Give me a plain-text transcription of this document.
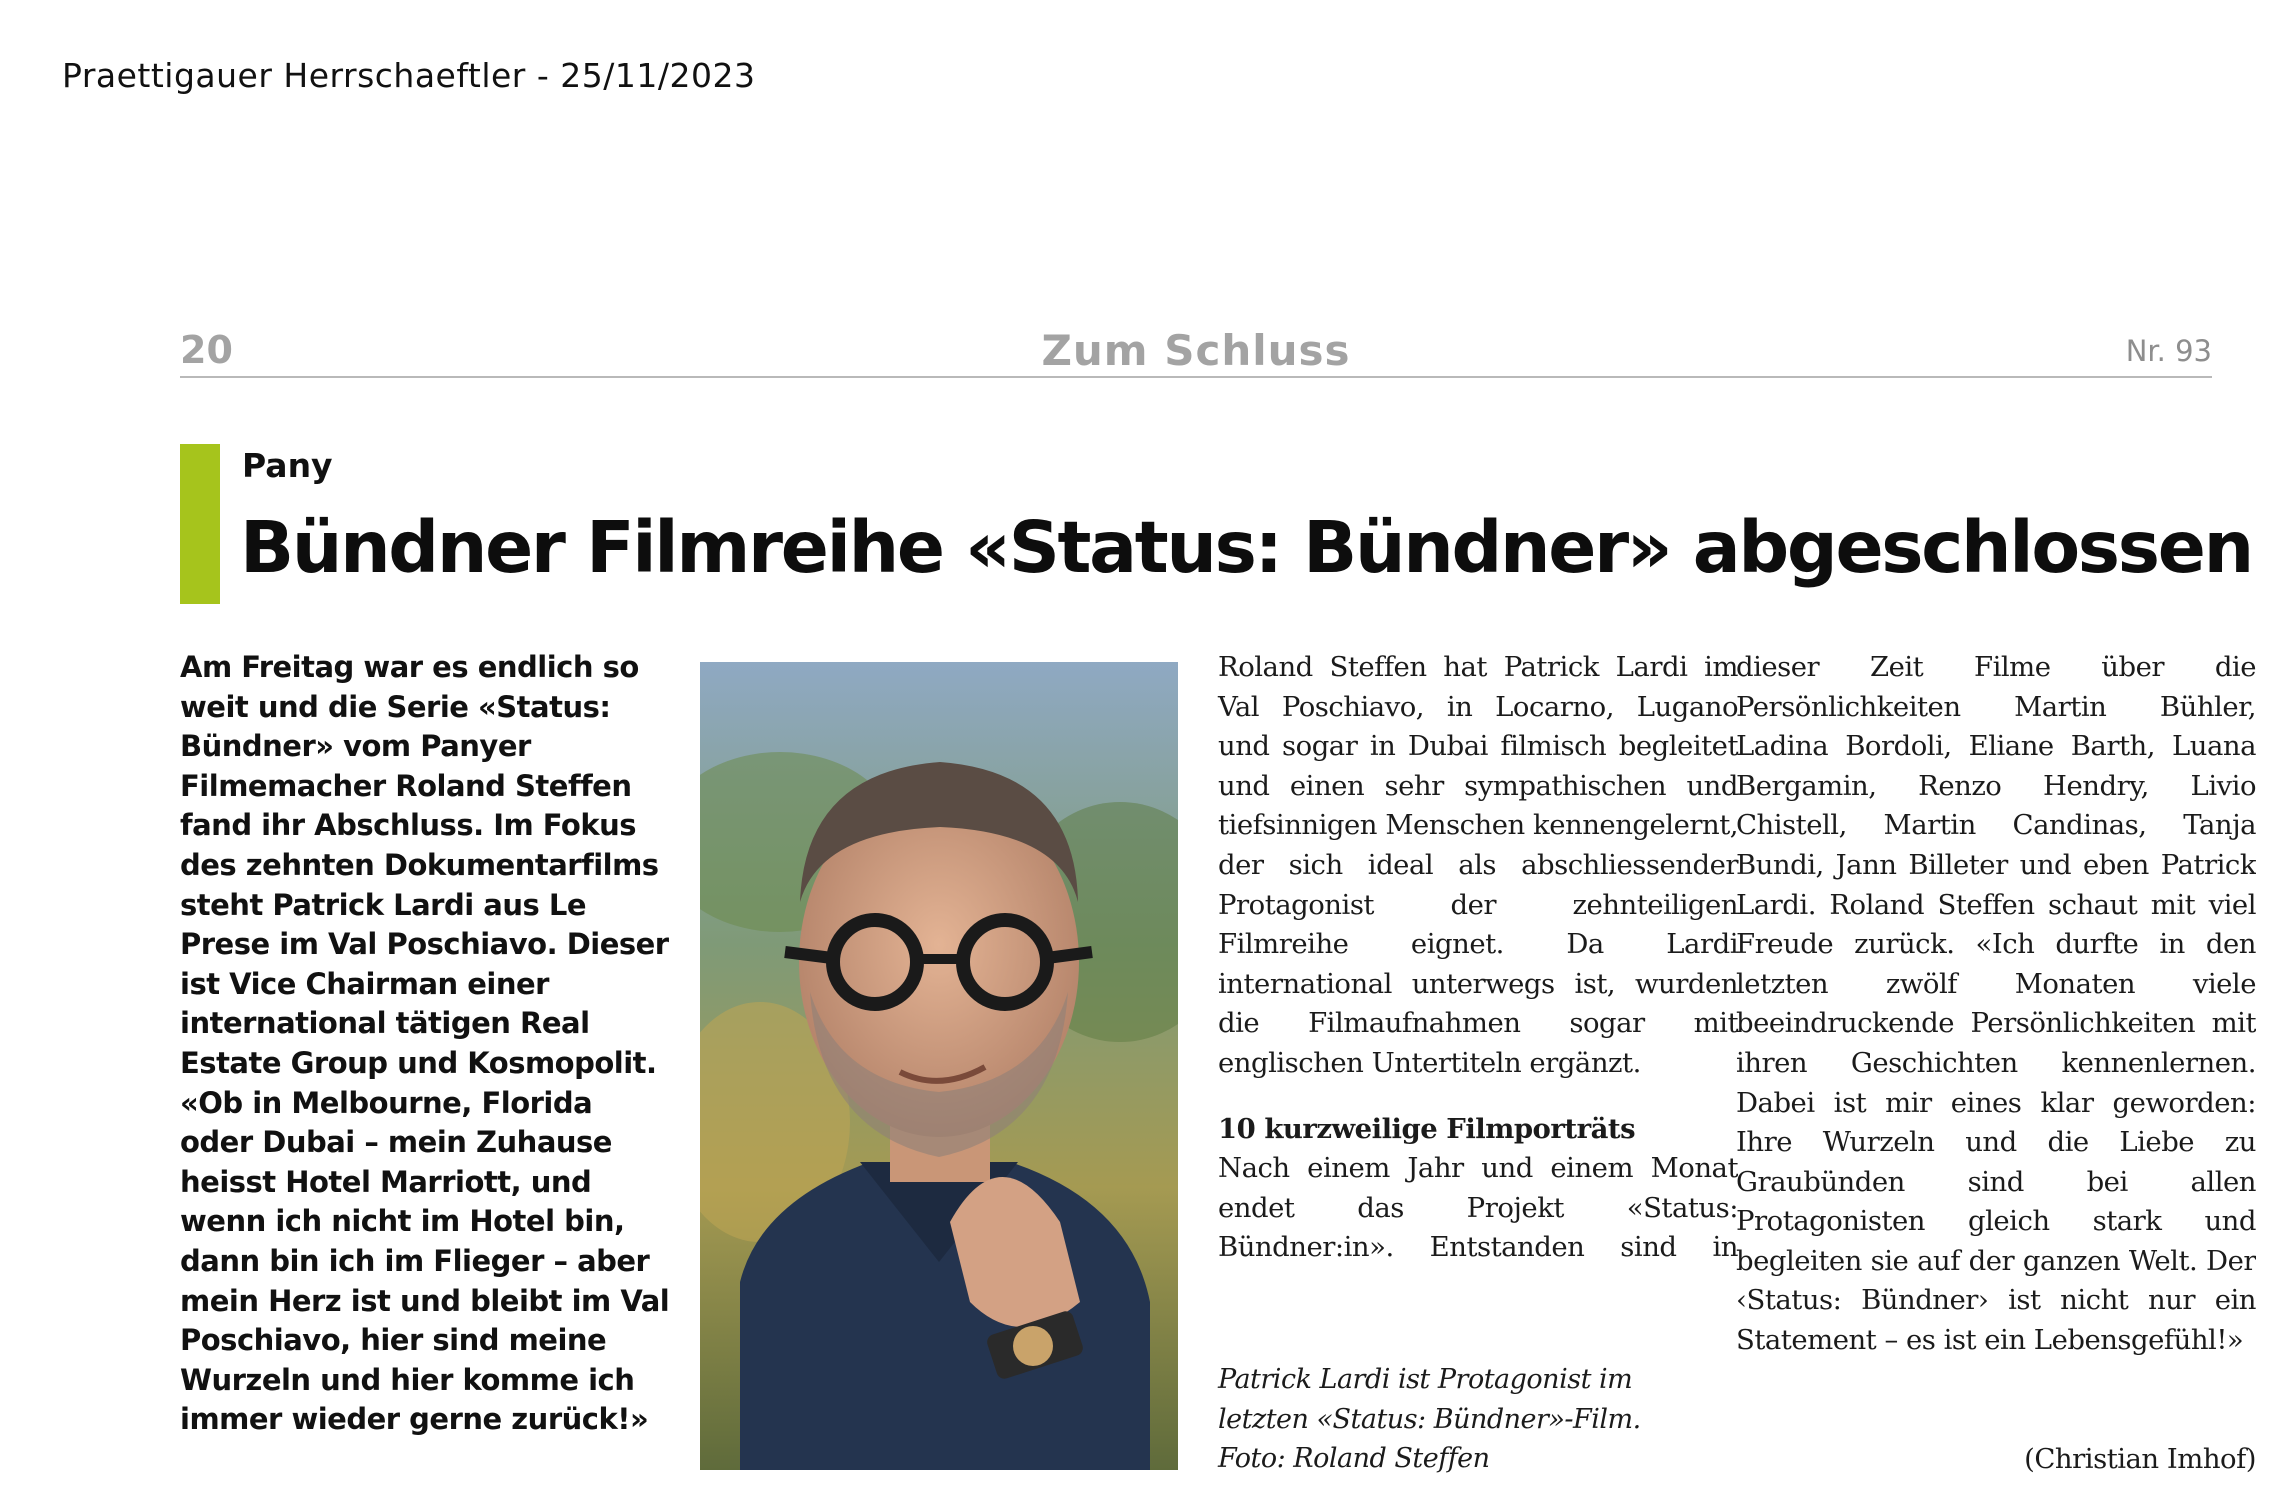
Praettigauer Herrschaeftler - 25/11/2023
20	Zum Schluss	Nr. 93
Pany
Bündner Filmreihe «Status: Bündner» abgeschlossen

Am Freitag war es endlich so weit und die Serie «Status: Bündner» vom Panyer Filmemacher Roland Steffen fand ihr Abschluss. Im Fokus des zehnten Dokumentarfilms steht Patrick Lardi aus Le Prese im Val Poschiavo. Dieser ist Vice Chairman einer international tätigen Real Estate Group und Kosmopolit.

«Ob in Melbourne, Florida oder Dubai – mein Zuhause heisst Hotel Marriott, und wenn ich nicht im Hotel bin, dann bin ich im Flieger – aber mein Herz ist und bleibt im Val Poschiavo, hier sind meine Wurzeln und hier komme ich immer wieder gerne zurück!»

Roland Steffen hat Patrick Lardi im Val Poschiavo, in Locarno, Lugano und sogar in Dubai filmisch begleitet und einen sehr sympathischen und tiefsinnigen Menschen kennengelernt, der sich ideal als abschliessender Protagonist der zehnteiligen Filmreihe eignet. Da Lardi international unterwegs ist, wurden die Filmaufnahmen sogar mit englischen Untertiteln ergänzt.

10 kurzweilige Filmporträts

Nach einem Jahr und einem Monat endet das Projekt «Status: Bündner:in». Entstanden sind in

dieser Zeit Filme über die Persönlichkeiten Martin Bühler, Ladina Bordoli, Eliane Barth, Luana Bergamin, Renzo Hendry, Livio Chistell, Martin Candinas, Tanja Bundi, Jann Billeter und eben Patrick Lardi. Roland Steffen schaut mit viel Freude zurück. «Ich durfte in den letzten zwölf Monaten viele beeindruckende Persönlichkeiten mit ihren Geschichten kennenlernen. Dabei ist mir eines klar geworden: Ihre Wurzeln und die Liebe zu Graubünden sind bei allen Protagonisten gleich stark und begleiten sie auf der ganzen Welt. Der ‹Status: Bündner› ist nicht nur ein Statement – es ist ein Lebensgefühl!»

(Christian Imhof)

Patrick Lardi ist Protagonist im
letzten «Status: Bündner»-Film.
Foto: Roland Steffen
